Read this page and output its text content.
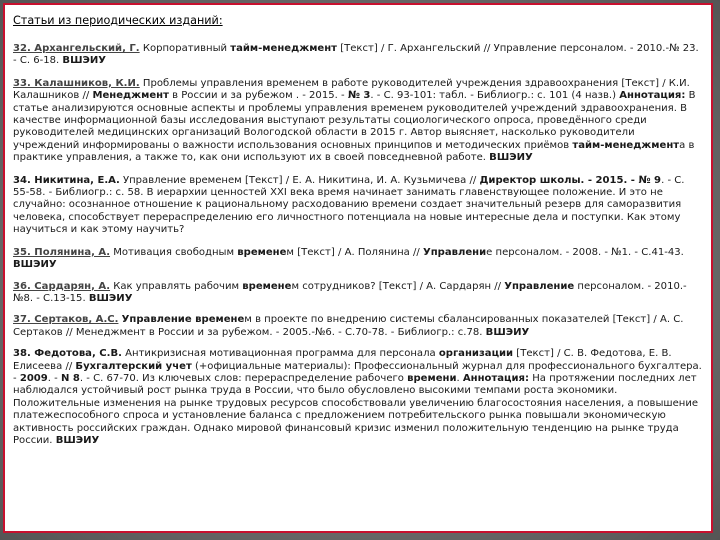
Статьи из периодических изданий:

32. Архангельский, Г. Корпоративный тайм-менеджмент [Текст] / Г. Архангельский // Управление персоналом. - 2010.-№ 23. - С. 6-18. ВШЭИУ

33. Калашников, К.И. Проблемы управления временем в работе руководителей учреждения здравоохранения [Текст] / К.И. Калашников // Менеджмент в России и за рубежом . - 2015. - № 3. - С. 93-101: табл. - Библиогр.: с. 101 (4 назв.) Аннотация: В статье анализируются основные аспекты и проблемы управления временем руководителей учреждений здравоохранения. В качестве информационной базы исследования выступают результаты социологического опроса, проведённого среди руководителей медицинских организаций Вологодской области в 2015 г. Автор выясняет, насколько руководители учреждений информированы о важности использования основных принципов и методических приёмов тайм-менеджмента в практике управления, а также то, как они используют их в своей повседневной работе. ВШЭИУ

34. Никитина, Е.А. Управление временем [Текст] / Е. А. Никитина, И. А. Кузьмичева // Директор школы. - 2015. - № 9. - С. 55-58. - Библиогр.: с. 58. В иерархии ценностей XXI века время начинает занимать главенствующее положение. И это не случайно: осознанное отношение к рациональному расходованию времени создает значительный резерв для саморазвития человека, способствует перераспределению его личностного потенциала на новые интересные дела и поступки. Как этому научиться и как этому научить?

35. Полянина, А. Мотивация свободным временем [Текст] / А. Полянина // Управление персоналом. - 2008. - №1. - С.41-43. ВШЭИУ

36. Сардарян, А. Как управлять рабочим временем сотрудников? [Текст] / А. Сардарян // Управление персоналом. - 2010.-№8. - С.13-15. ВШЭИУ

37. Сертаков, А.С. Управление временем в проекте по внедрению системы сбалансированных показателей [Текст] / А. С. Сертаков // Менеджмент в России и за рубежом. - 2005.-№6. - С.70-78. - Библиогр.: с.78. ВШЭИУ

38. Федотова, С.В. Антикризисная мотивационная программа для персонала организации [Текст] / С. В. Федотова, Е. В. Елисеева // Бухгалтерский учет (+официальные материалы): Профессиональный журнал для профессионального бухгалтера. - 2009. - N 8. - С. 67-70. Из ключевых слов: перераспределение рабочего времени. Аннотация: На протяжении последних лет наблюдался устойчивый рост рынка труда в России, что было обусловлено высокими темпами роста экономики. Положительные изменения на рынке трудовых ресурсов способствовали увеличению благосостояния населения, а повышение платежеспособного спроса и установление баланса с предложением потребительского рынка повышали экономическую активность российских граждан. Однако мировой финансовый кризис изменил положительную тенденцию на рынке труда России. ВШЭИУ
